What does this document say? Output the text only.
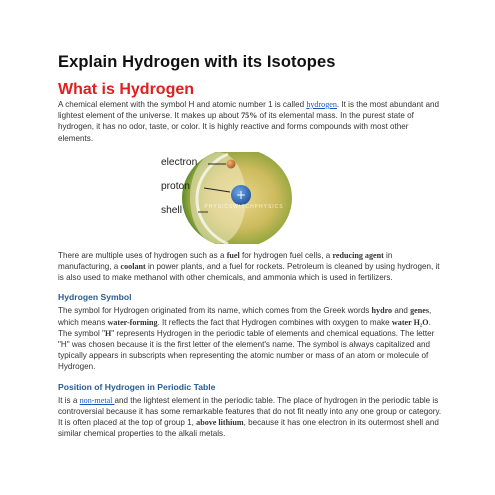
Explain Hydrogen with its Isotopes
What is Hydrogen

A chemical element with the symbol H and atomic number 1 is called hydrogen. It is the most abundant and lightest element of the universe. It makes up about 75% of its elemental mass. In the purest state of hydrogen, it has no odor, taste, or color. It is highly reactive and forms compounds with most other elements.

+
PHYSICSWITCHPHYSICS
electron
proton
shell

There are multiple uses of hydrogen such as a fuel for hydrogen fuel cells, a reducing agent in manufacturing, a coolant in power plants, and a fuel for rockets. Petroleum is cleaned by using hydrogen, it is also used to make methanol with other chemicals, and ammonia which is used in fertilizers.

Hydrogen Symbol

The symbol for Hydrogen originated from its name, which comes from the Greek words hydro and genes, which means water-forming. It reflects the fact that Hydrogen combines with oxygen to make water H₂O. The symbol "H" represents Hydrogen in the periodic table of elements and chemical equations. The letter "H" was chosen because it is the first letter of the element's name. The symbol is always capitalized and typically appears in subscripts when representing the atomic number or mass of an atom or molecule of Hydrogen.

Position of Hydrogen in Periodic Table

It is a non-metal and the lightest element in the periodic table. The place of hydrogen in the periodic table is controversial because it has some remarkable features that do not fit neatly into any one group or category. It is often placed at the top of group 1, above lithium, because it has one electron in its outermost shell and similar chemical properties to the alkali metals.
